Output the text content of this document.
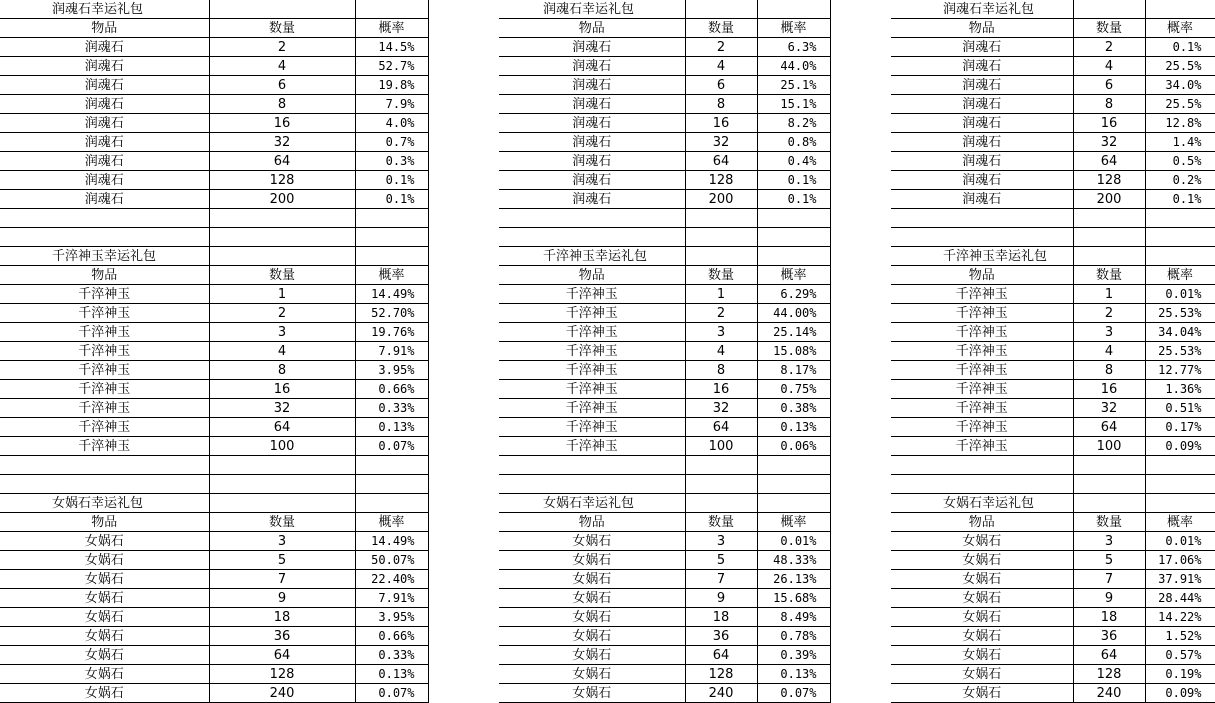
润魂石幸运礼包		
物品	数量	概率
润魂石	2	14.5%
润魂石	4	52.7%
润魂石	6	19.8%
润魂石	8	7.9%
润魂石	16	4.0%
润魂石	32	0.7%
润魂石	64	0.3%
润魂石	128	0.1%
润魂石	200	0.1%

千淬神玉幸运礼包		
物品	数量	概率
千淬神玉	1	14.49%
千淬神玉	2	52.70%
千淬神玉	3	19.76%
千淬神玉	4	7.91%
千淬神玉	8	3.95%
千淬神玉	16	0.66%
千淬神玉	32	0.33%
千淬神玉	64	0.13%
千淬神玉	100	0.07%

女娲石幸运礼包		
物品	数量	概率
女娲石	3	14.49%
女娲石	5	50.07%
女娲石	7	22.40%
女娲石	9	7.91%
女娲石	18	3.95%
女娲石	36	0.66%
女娲石	64	0.33%
女娲石	128	0.13%
女娲石	240	0.07%
润魂石幸运礼包		
物品	数量	概率
润魂石	2	6.3%
润魂石	4	44.0%
润魂石	6	25.1%
润魂石	8	15.1%
润魂石	16	8.2%
润魂石	32	0.8%
润魂石	64	0.4%
润魂石	128	0.1%
润魂石	200	0.1%

千淬神玉幸运礼包		
物品	数量	概率
千淬神玉	1	6.29%
千淬神玉	2	44.00%
千淬神玉	3	25.14%
千淬神玉	4	15.08%
千淬神玉	8	8.17%
千淬神玉	16	0.75%
千淬神玉	32	0.38%
千淬神玉	64	0.13%
千淬神玉	100	0.06%

女娲石幸运礼包		
物品	数量	概率
女娲石	3	0.01%
女娲石	5	48.33%
女娲石	7	26.13%
女娲石	9	15.68%
女娲石	18	8.49%
女娲石	36	0.78%
女娲石	64	0.39%
女娲石	128	0.13%
女娲石	240	0.07%
润魂石幸运礼包		
物品	数量	概率
润魂石	2	0.1%
润魂石	4	25.5%
润魂石	6	34.0%
润魂石	8	25.5%
润魂石	16	12.8%
润魂石	32	1.4%
润魂石	64	0.5%
润魂石	128	0.2%
润魂石	200	0.1%

千淬神玉幸运礼包		
物品	数量	概率
千淬神玉	1	0.01%
千淬神玉	2	25.53%
千淬神玉	3	34.04%
千淬神玉	4	25.53%
千淬神玉	8	12.77%
千淬神玉	16	1.36%
千淬神玉	32	0.51%
千淬神玉	64	0.17%
千淬神玉	100	0.09%

女娲石幸运礼包		
物品	数量	概率
女娲石	3	0.01%
女娲石	5	17.06%
女娲石	7	37.91%
女娲石	9	28.44%
女娲石	18	14.22%
女娲石	36	1.52%
女娲石	64	0.57%
女娲石	128	0.19%
女娲石	240	0.09%
